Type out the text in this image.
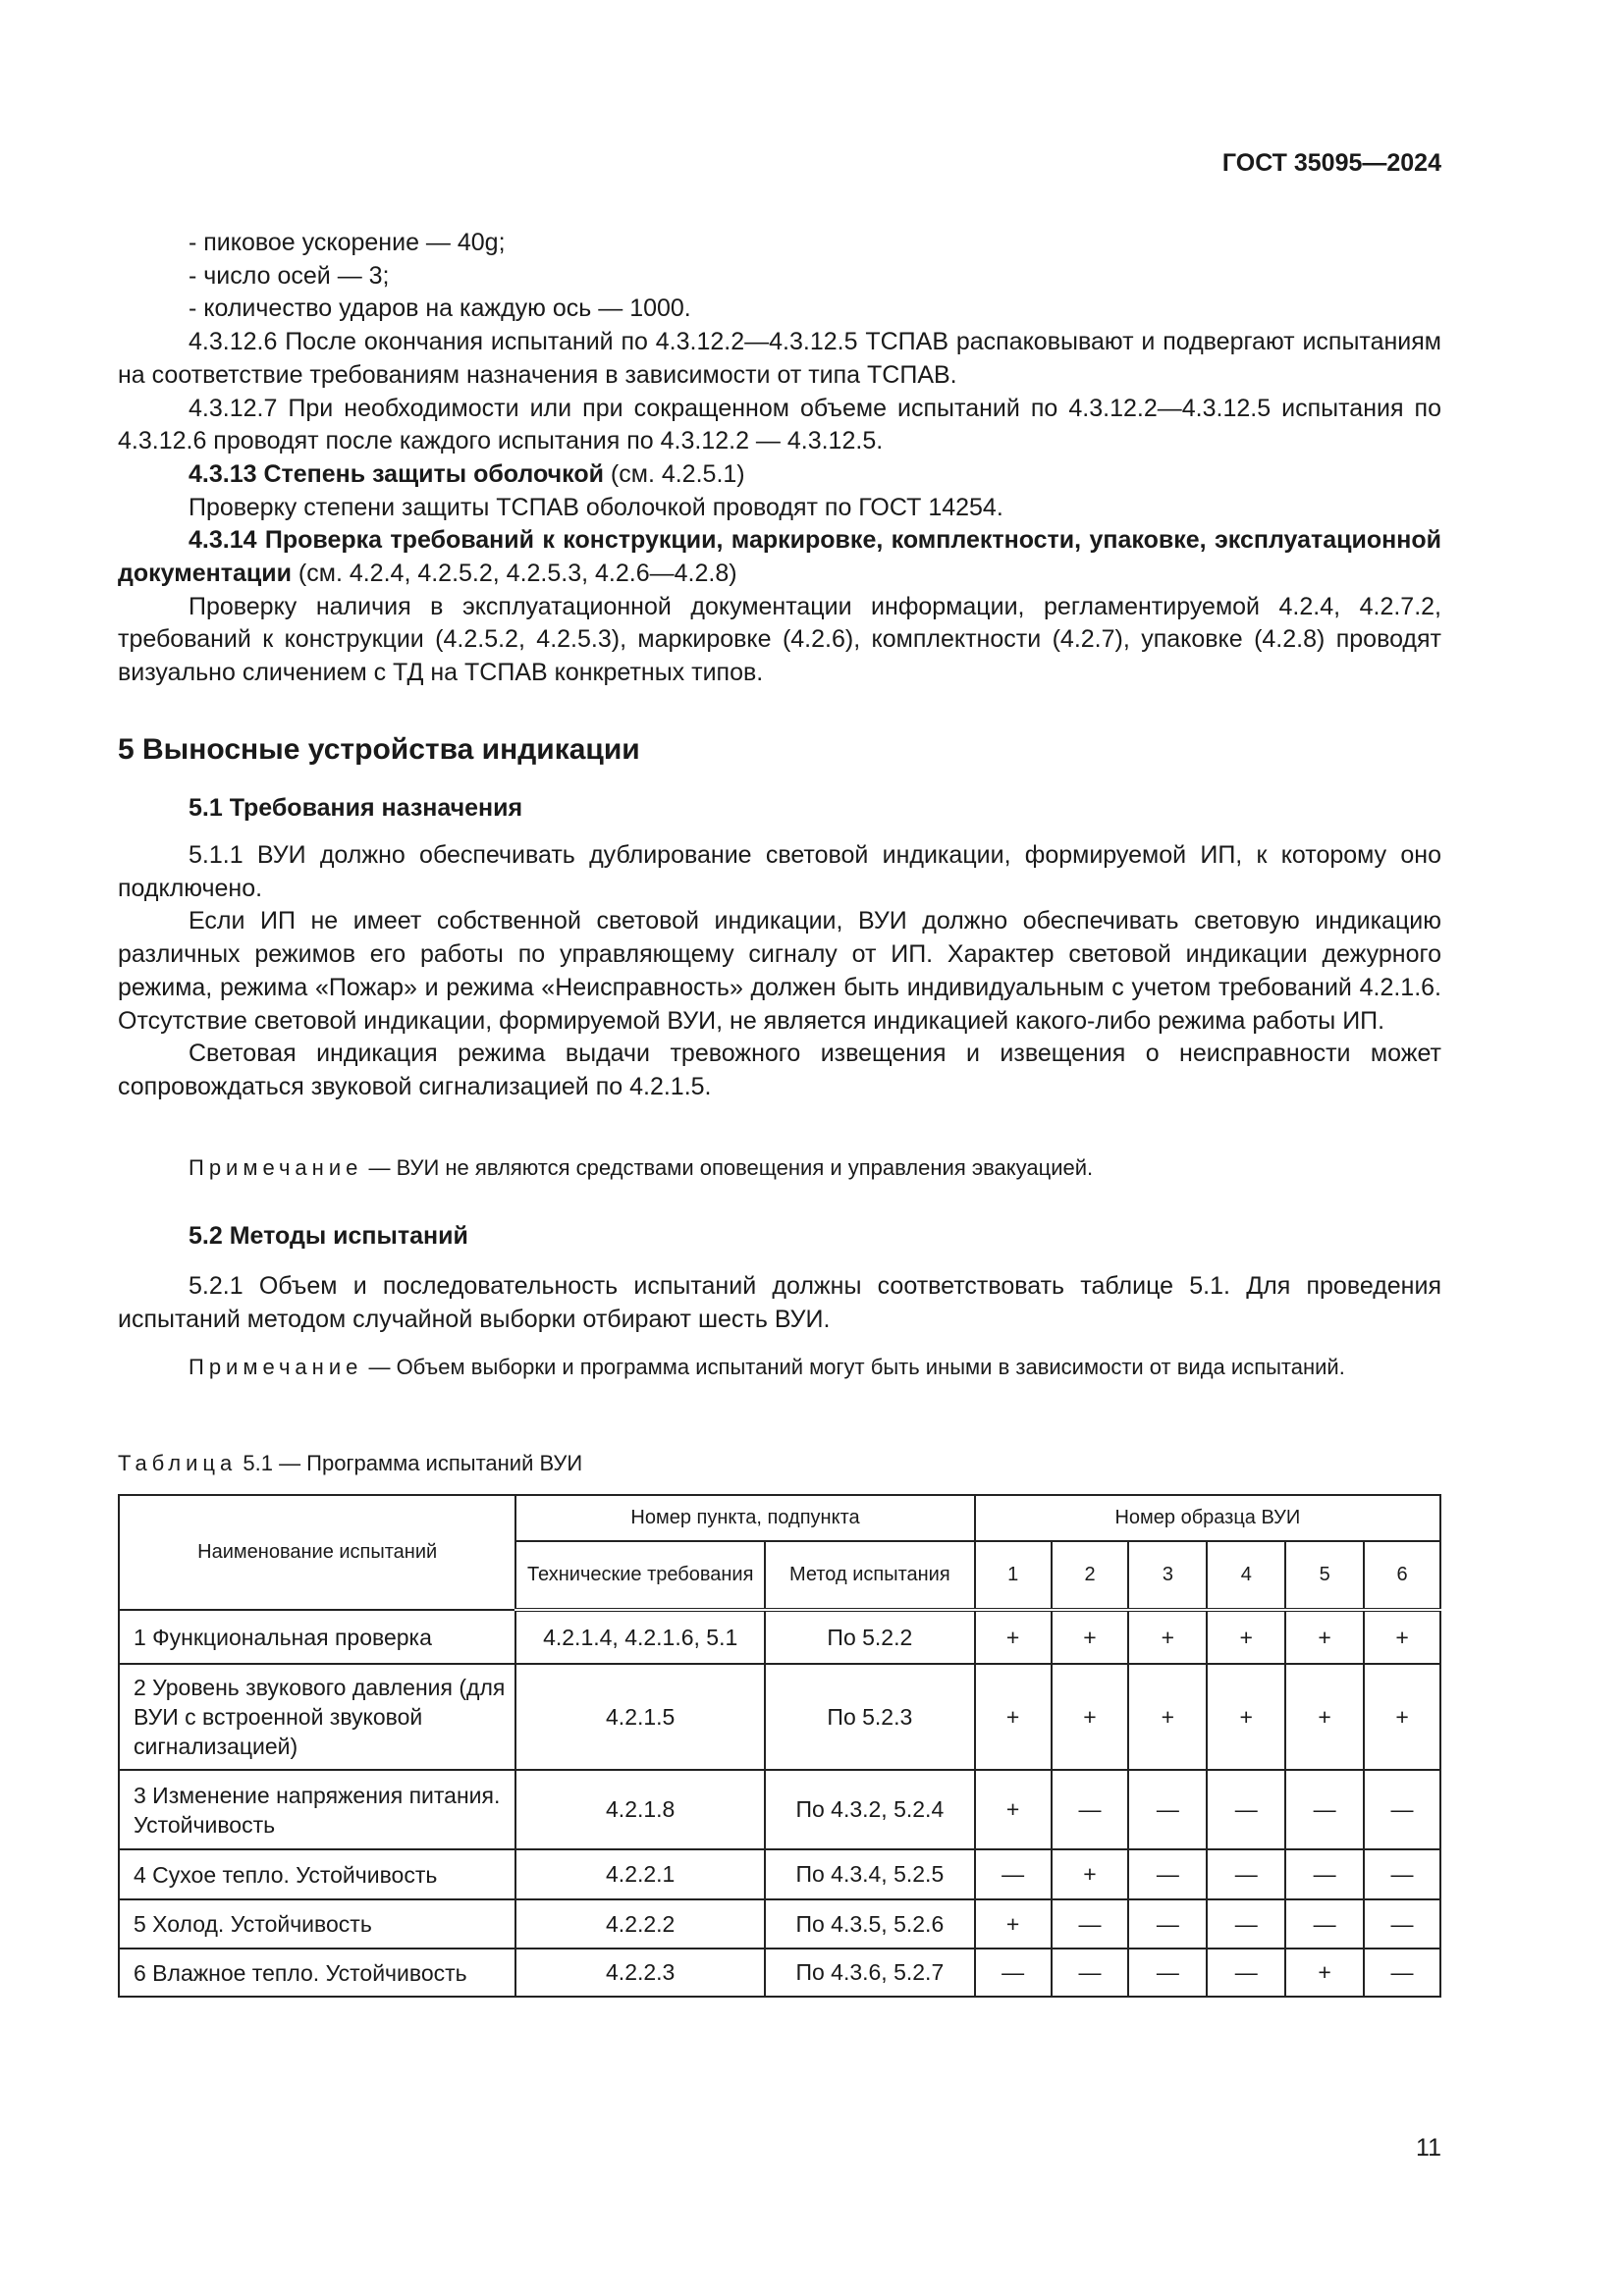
ГОСТ 35095—2024

- пиковое ускорение — 40g;

- число осей — 3;

- количество ударов на каждую ось — 1000.

4.3.12.6 После окончания испытаний по 4.3.12.2—4.3.12.5 ТСПАВ распаковывают и подвергают испытаниям на соответствие требованиям назначения в зависимости от типа ТСПАВ.

4.3.12.7 При необходимости или при сокращенном объеме испытаний по 4.3.12.2—4.3.12.5 испытания по 4.3.12.6 проводят после каждого испытания по 4.3.12.2 — 4.3.12.5.

4.3.13 Степень защиты оболочкой (см. 4.2.5.1)

Проверку степени защиты ТСПАВ оболочкой проводят по ГОСТ 14254.

4.3.14 Проверка требований к конструкции, маркировке, комплектности, упаковке, эксплуатационной документации (см. 4.2.4, 4.2.5.2, 4.2.5.3, 4.2.6—4.2.8)

Проверку наличия в эксплуатационной документации информации, регламентируемой 4.2.4, 4.2.7.2, требований к конструкции (4.2.5.2, 4.2.5.3), маркировке (4.2.6), комплектности (4.2.7), упаковке (4.2.8) проводят визуально сличением с ТД на ТСПАВ конкретных типов.

5 Выносные устройства индикации
5.1 Требования назначения

5.1.1 ВУИ должно обеспечивать дублирование световой индикации, формируемой ИП, к которому оно подключено.

Если ИП не имеет собственной световой индикации, ВУИ должно обеспечивать световую индикацию различных режимов его работы по управляющему сигналу от ИП. Характер световой индикации дежурного режима, режима «Пожар» и режима «Неисправность» должен быть индивидуальным с учетом требований 4.2.1.6. Отсутствие световой индикации, формируемой ВУИ, не является индикацией какого-либо режима работы ИП.

Световая индикация режима выдачи тревожного извещения и извещения о неисправности может сопровождаться звуковой сигнализацией по 4.2.1.5.

Примечание — ВУИ не являются средствами оповещения и управления эвакуацией.

5.2 Методы испытаний

5.2.1 Объем и последовательность испытаний должны соответствовать таблице 5.1. Для проведения испытаний методом случайной выборки отбирают шесть ВУИ.

Примечание — Объем выборки и программа испытаний могут быть иными в зависимости от вида испытаний.

Таблица 5.1 — Программа испытаний ВУИ
Наименование испытаний	Номер пункта, подпункта		Номер образца ВУИ					
	Технические требования	Метод испытания	1	2	3	4	5	6
1 Функциональная проверка	4.2.1.4, 4.2.1.6, 5.1	По 5.2.2	+	+	+	+	+	+
2 Уровень звукового давления (для ВУИ с встроенной звуковой сигнализацией)	4.2.1.5	По 5.2.3	+	+	+	+	+	+
3 Изменение напряжения питания. Устойчивость	4.2.1.8	По 4.3.2, 5.2.4	+	—	—	—	—	—
4 Сухое тепло. Устойчивость	4.2.2.1	По 4.3.4, 5.2.5	—	+	—	—	—	—
5 Холод. Устойчивость	4.2.2.2	По 4.3.5, 5.2.6	+	—	—	—	—	—
6 Влажное тепло. Устойчивость	4.2.2.3	По 4.3.6, 5.2.7	—	—	—	—	+	—
11
